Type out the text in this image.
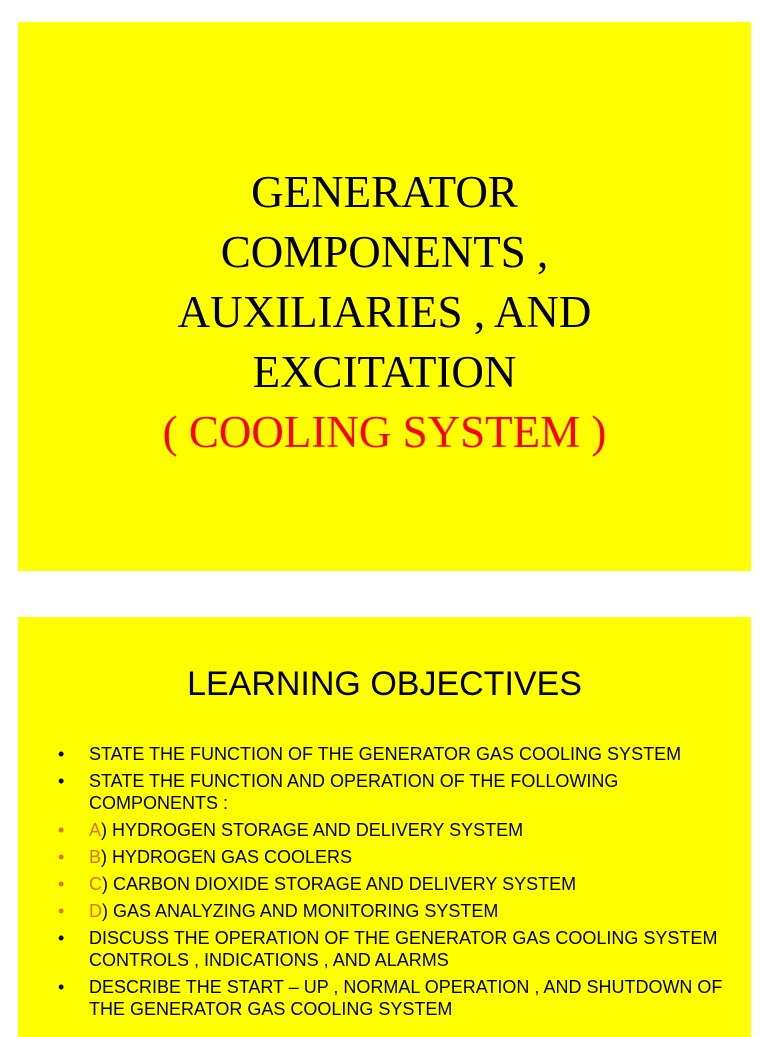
GENERATOR
COMPONENTS ,
AUXILIARIES , AND
EXCITATION
( COOLING SYSTEM )
LEARNING OBJECTIVES
• STATE THE FUNCTION OF THE GENERATOR GAS COOLING SYSTEM
• STATE THE FUNCTION AND OPERATION OF THE FOLLOWING COMPONENTS :
• A) HYDROGEN STORAGE AND DELIVERY SYSTEM
• B) HYDROGEN GAS COOLERS
• C) CARBON DIOXIDE STORAGE AND DELIVERY SYSTEM
• D) GAS ANALYZING AND MONITORING SYSTEM
• DISCUSS THE OPERATION OF THE GENERATOR GAS COOLING SYSTEM CONTROLS , INDICATIONS , AND ALARMS
• DESCRIBE THE START – UP , NORMAL OPERATION , AND SHUTDOWN OF THE GENERATOR GAS COOLING SYSTEM
